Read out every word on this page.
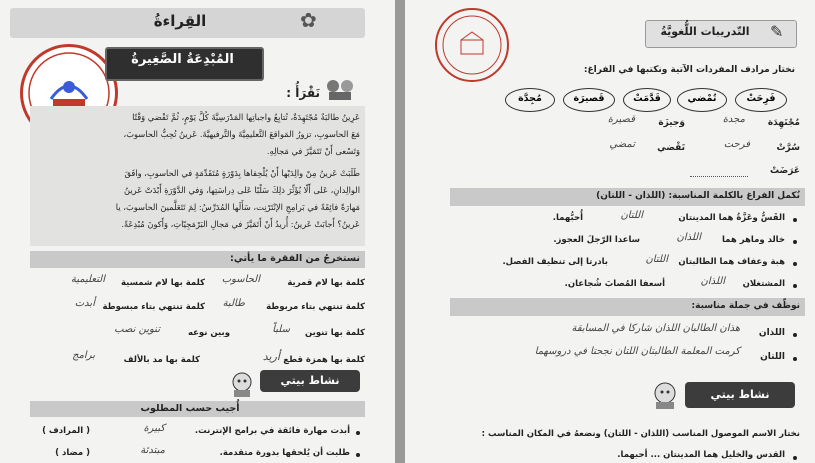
القِراءةُ	✿
المُبْدِعَةُ الصَّغِيرةُ
نَقْرَأُ :
عَرِينُ طالبَةٌ مُجْتَهِدَةٌ، تُتابِعُ واجباتِها المَدْرَسِيَّةَ كُلَّ يَوْمٍ، ثُمَّ تَقْضي وَقْتًا
مَعَ الحاسوبِ، تزورُ المَواقعَ التَّعليمِيَّةَ والتَّرفيهيَّةَ. عَرينُ تُحِبُّ الحاسوبَ،
وَتَسْعى أَنْ تَتَمَيَّزَ في مَجالِهِ.
طَلَبَتْ عَرينُ مِنْ والِدَيْها أَنْ يُلْحِقاها بِدَوْرَةٍ مُتَقَدِّمَةٍ في الحاسوبِ، وافَقَ
الوالِدانِ، عَلى أَلّا يُؤَثِّرَ ذلِكَ سَلْبًا عَلى دِراسَتِها، وَفي الدَّوْرَةِ أَبْدَتْ عَرينُ
مَهارَةً فائِقَةً في بَرامِجِ الإنْتَرْنِت، سَأَلَها المُدَرِّسُ: لِمَ تَتَعَلَّمينَ الحاسوبَ، يا
عَرينُ؟ أَجابَتْ عَرينُ: أُريدُ أَنْ أَتَمَيَّزَ في مَجالِ البَرْمَجِيّاتِ، وَأَكونَ مُبْدِعَةً.
نستخرجُ من الفقرة ما يأتي:
كلمة بها لام قمرية
الحاسوب
كلمة بها لام شمسية
التعليمية
كلمة تنتهي بتاء مربوطة
طالبة
كلمة تنتهي بتاء مبسوطة
أبدت
كلمة بها تنوين
سلباً
وبين نوعه
تنوين نصب
كلمة بها همزة قطع
أريد
كلمة بها مد بالألف
برامج
نشاط بيتي
أُجيب حسب المطلوب
أبدت مهارة فائقة في برامج الإنترنت.
كبيرة
( المرادف )
طلبت أن يُلحقها بدورة متقدمة.
مبتدئة
( مضاد )
التّدريبات اللُّغويَّةُ	✎
نختار مرادف المفردات الآتية ونكتبها في الفراغ:
فَرِحَتْ
تُمْضي
قَدَّمَتْ
قَصيرَة
مُجِدَّة
مُجْتَهِدَة
مجدة
وَجيزَة
قصيرة
سُرَّتْ
فرحت
تَقْضي
تمضي
عَرَضَتْ
نُكمل الفراغ بالكلمة المناسبة: (اللذان - اللتان)
القَسُّ وعَزَّةُ هما المدينتان
اللتان
أُحبُّهما.
خالد وماهر هما
اللذان
ساعدا الرّجلَ العجوز.
هبة وعفاف هما الطالبتان
اللتان
بادرتا إلى تنظيف الفصل.
المشتغلان
اللذان
أسعفا المُصابَ شُجاعان.
نوظّف في جملة مناسبة:
اللذان
هذان الطالبان اللذان شاركا في المسابقة
اللتان
كرمت المعلمة الطالبتان اللتان نجحتا في دروسهما
نشاط بيتي
نختار الاسم الموصول المناسب (اللذان - اللتان) ونضعهُ في المكان المناسب :
القدس والخليل هما المدينتان ... أحبهما.
